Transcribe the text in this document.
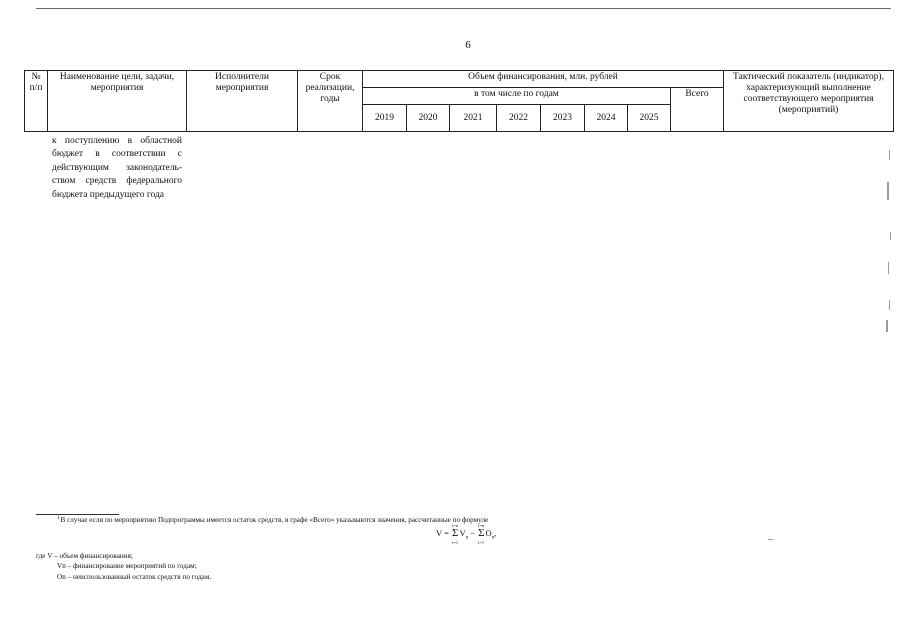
6
№ п/п	Наименование цели, задачи, мероприятия	Исполнители мероприятия	Срок реализации, годы	Объем финансирования, млн. рублей								Тактический показатель (индикатор), характеризующий выполнение соответствующего мероприятия (мероприятий)
				в том числе по годам							Всего	
				2019	2020	2021	2022	2023	2024	2025		
	к поступлению в областной бюджет в соответствии с действующим законодатель-ством средств федерального бюджета предыдущего года											
$^1$В случае если по мероприятию Подпрограммы имеется остаток средств, в графе «Всего» указываются значения, рассчитанные по формуле
V = Σ
i=n
i=1
$V_n - \Sigma$
i=n
i=1
$O_n$,
где V – объем финансирования;
Vn – финансирование мероприятий по годам;
On – неиспользованный остаток средств по годам.
